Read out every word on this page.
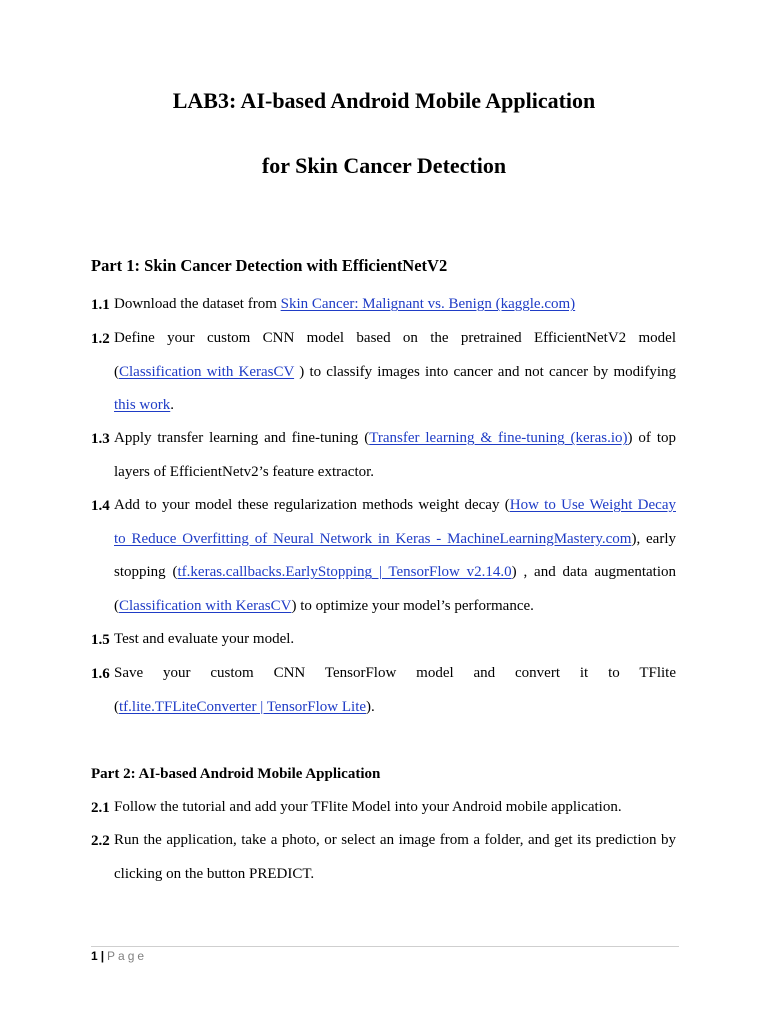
LAB3: AI-based Android Mobile Application
for Skin Cancer Detection
Part 1: Skin Cancer Detection with EfficientNetV2
1.1 Download the dataset from Skin Cancer: Malignant vs. Benign (kaggle.com)
1.2 Define your custom CNN model based on the pretrained EfficientNetV2 model
(Classification with KerasCV ) to classify images into cancer and not cancer by modifying
this work.
1.3 Apply transfer learning and fine-tuning (Transfer learning & fine-tuning (keras.io)) of top
layers of EfficientNetv2’s feature extractor.
1.4 Add to your model these regularization methods weight decay (How to Use Weight Decay
to Reduce Overfitting of Neural Network in Keras - MachineLearningMastery.com), early
stopping (tf.keras.callbacks.EarlyStopping | TensorFlow v2.14.0) , and data augmentation
(Classification with KerasCV) to optimize your model’s performance.
1.5 Test and evaluate your model.
1.6 Save your custom CNN TensorFlow model and convert it to TFlite
(tf.lite.TFLiteConverter | TensorFlow Lite).
Part 2: AI-based Android Mobile Application
2.1 Follow the tutorial and add your TFlite Model into your Android mobile application.
2.2 Run the application, take a photo, or select an image from a folder, and get its prediction by
clicking on the button PREDICT.
1 | Page
